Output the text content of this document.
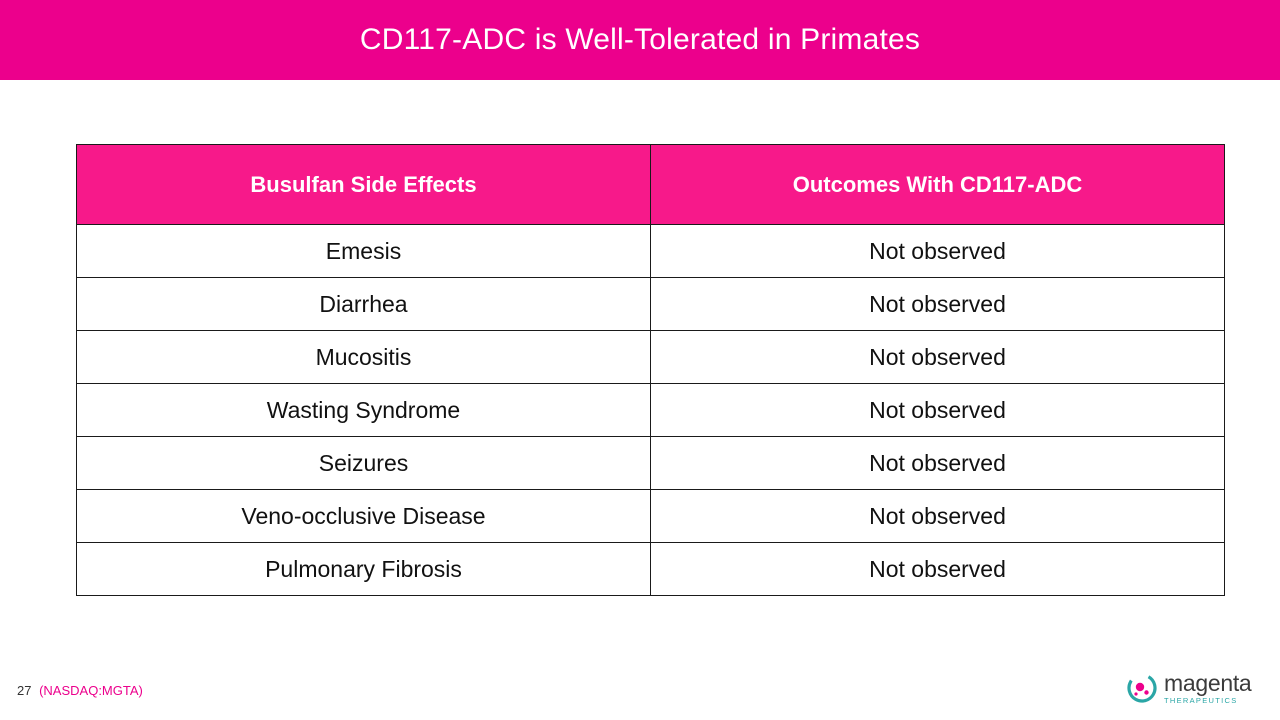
CD117-ADC is Well-Tolerated in Primates
Busulfan Side Effects	Outcomes With CD117-ADC
Emesis	Not observed
Diarrhea	Not observed
Mucositis	Not observed
Wasting Syndrome	Not observed
Seizures	Not observed
Veno-occlusive Disease	Not observed
Pulmonary Fibrosis	Not observed
27 (NASDAQ:MGTA)	magenta
THERAPEUTICS
